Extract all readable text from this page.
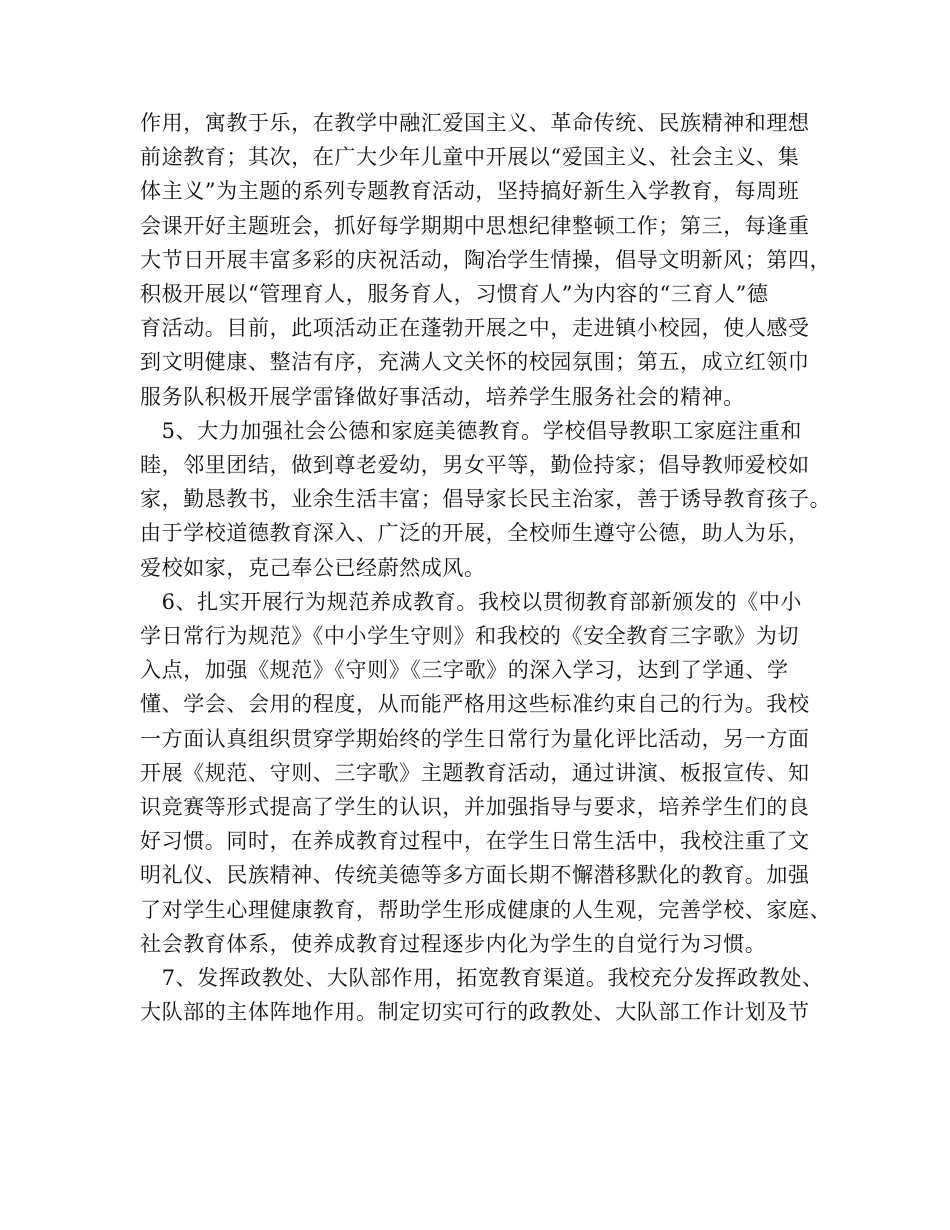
作用，寓教于乐，在教学中融汇爱国主义、革命传统、民族精神和理想
前途教育；其次，在广大少年儿童中开展以“爱国主义、社会主义、集
体主义”为主题的系列专题教育活动，坚持搞好新生入学教育，每周班
会课开好主题班会，抓好每学期期中思想纪律整顿工作；第三，每逢重
大节日开展丰富多彩的庆祝活动，陶冶学生情操，倡导文明新风；第四，
积极开展以“管理育人，服务育人，习惯育人”为内容的“三育人”德
育活动。目前，此项活动正在蓬勃开展之中，走进镇小校园，使人感受
到文明健康、整洁有序，充满人文关怀的校园氛围；第五，成立红领巾
服务队积极开展学雷锋做好事活动，培养学生服务社会的精神。
　5、大力加强社会公德和家庭美德教育。学校倡导教职工家庭注重和
睦，邻里团结，做到尊老爱幼，男女平等，勤俭持家；倡导教师爱校如
家，勤恳教书，业余生活丰富；倡导家长民主治家，善于诱导教育孩子。
由于学校道德教育深入、广泛的开展，全校师生遵守公德，助人为乐，
爱校如家，克己奉公已经蔚然成风。
　6、扎实开展行为规范养成教育。我校以贯彻教育部新颁发的《中小
学日常行为规范》《中小学生守则》和我校的《安全教育三字歌》为切
入点，加强《规范》《守则》《三字歌》的深入学习，达到了学通、学
懂、学会、会用的程度，从而能严格用这些标准约束自己的行为。我校
一方面认真组织贯穿学期始终的学生日常行为量化评比活动，另一方面
开展《规范、守则、三字歌》主题教育活动，通过讲演、板报宣传、知
识竞赛等形式提高了学生的认识，并加强指导与要求，培养学生们的良
好习惯。同时，在养成教育过程中，在学生日常生活中，我校注重了文
明礼仪、民族精神、传统美德等多方面长期不懈潜移默化的教育。加强
了对学生心理健康教育，帮助学生形成健康的人生观，完善学校、家庭、
社会教育体系，使养成教育过程逐步内化为学生的自觉行为习惯。
　7、发挥政教处、大队部作用，拓宽教育渠道。我校充分发挥政教处、
大队部的主体阵地作用。制定切实可行的政教处、大队部工作计划及节
